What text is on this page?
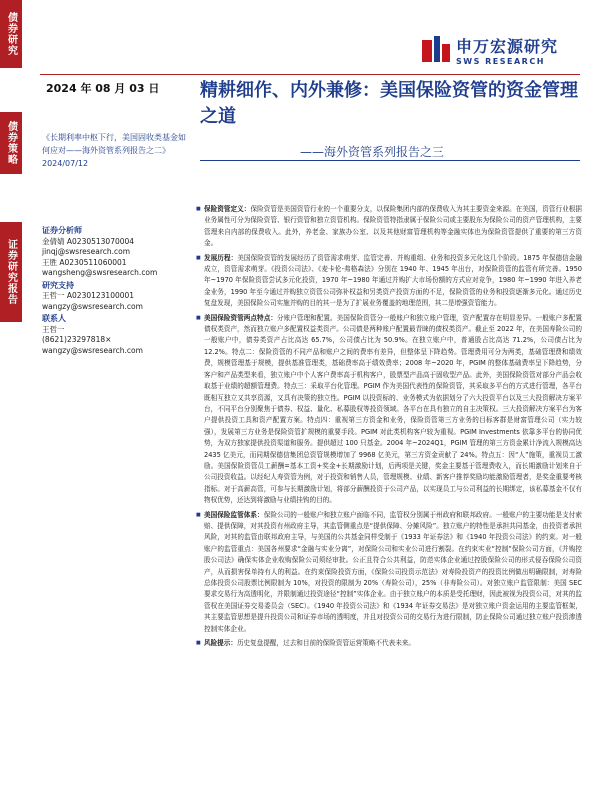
债券研究
债券策略
证券研究报告
申万宏源研究
SWS RESEARCH
2024 年 08 月 03 日 精耕细作、内外兼修：美国保险资管的资金管理之道
——海外资管系列报告之三
《长期利率中枢下行，美国固收类基金如何应对——海外资管系列报告之二》2024/07/12
证券分析师
金倩婧 A0230513070004
jinqj@swsresearch.com
王胜 A0230511060001
wangsheng@swsresearch.com
研究支持
王哲一 A0230123100001
wangzy@swsresearch.com
联系人
王哲一
(8621)23297818×
wangzy@swsresearch.com
■ 保险资管定义：保险资管是美国资管行业的一个重要分支，以保险集团内部的保费收入为其主要资金来源。在美国，资管行业根据业务属性可分为保险资管、银行资管和独立资管机构。保险资管特指隶属于保险公司或主要股东为保险公司的资产管理机构，主要管理来自内部的保费收入。此外，养老金、家族办公室、以及其他财富管理机构等金融实体也为保险资管提供了重要的第三方资金。
■ 发展历程：美国保险资管的发展经历了资管需求萌芽、监管完善、并购重组、业务和投资多元化这几个阶段。1875 年保德信金融成立，资管需求萌芽。《投资公司法》、《麦卡伦-弗格森法》分别在 1940 年、1945 年出台，对保险资管的监管有所完善。1950 年~1970 年保险资管尝试多元化投资，1970 年~1980 年通过并购扩大市场份额的方式应对竞争，1980 年~1990 年进入养老金业务，1990 年至今通过并购独立资管公司弥补权益和另类资产投资方面的不足，保险资管的业务和投资逐渐多元化。通过历史复盘发现，美国保险公司实施并购的目的其一是为了扩展业务覆盖的地理范围，其二是增强资管能力。
■ 美国保险资管两点特点：分账户管理和配置。美国保险资管分一般账户和独立账户管理，资产配置存在明显差异。一般账户多配置债权类资产，然而独立账户多配置权益类资产。公司债是两种账户配置最青睐的债权类资产。截止至 2022 年，在美国寿险公司的一般账户中，债券类资产占比高达 65.7%，公司债占比为 50.9%。在独立账户中，普通股占比高达 71.2%，公司债占比为 12.2%。特点二：保险资管的不同产品和账户之间的费率有差异，但整体呈下降趋势。管理费用可分为两类，基础管理费和绩效费，规模管理基于规模，提供基准管理类，基础费率高于绩效费率；2008 年~2020 年，PGIM 的整体基础费率呈下降趋势，分客户和产品类型来看，独立账户中个人客户费率高于机构客户，股票型产品高于固收型产品。此外，美国保险资管对部分产品会收取基于业绩的超额管理费。特点三：采取平台化管理。PGIM 作为美国代表性的保险资管，其采取多平台的方式进行管理，各平台既相互独立又共享资源，又具有决策的独立性。PGIM 以投资标的、业务模式为依据划分了六大投资平台以及三大投资解决方案平台，不同平台分别聚焦于债券、权益、量化、私募股权等投资领域。各平台在具有独立的自主决策权。三大投资解决方案平台为客户提供投资工具和资产配置方案。特点四：重视第三方资金和业务，保险资管第三方业务的目标客群是财富管理公司（实力较强），发展第三方业务是保险资管扩规模的重要手段。PGIM 对此类机构客户较为重视。PGIM Investments 依靠多平台的协同优势，为双方独家提供投资渠道和服务。提供超过 100 只基金。2004 年~2024Q1，PGIM 管理的第三方资金累计净流入规模高达 2435 亿美元，而同期保德信集团总资管规模增加了 9968 亿美元，第三方资金贡献了 24%。特点五：因“人”施策，重视员工激励。美国保险资管员工薪酬=基本工资+奖金+长期激励计划，后两项是关键，奖金主要基于管理费收入，而长期激励计划来自于公司投资收益。以经纪人寿资管为例，对于投资和销售人员，管理规模、业绩、新客户推荐奖励均能激励管理者，是奖金重要考核指标。对于高薪高管，可参与长期激励计划，将部分薪酬投资于公司产品，以实现员工与公司利益的长期绑定，该私募基金不仅有物权优势，还达到将激励与业绩挂钩的目的。
■ 美国保险监管体系：保险公司的一般账户和独立账户面临不同，监管权分别属于州政府和联邦政府。一般账户的主要功能是支付索赔、提供保障，对其投资有州政府主导，其监管侧重点是“提供保障、分摊风险”。独立账户的特性是承担共同基金，由投资者承担风险，对其的监管由联邦政府主导，与美国的公共基金同样受制于《1933 年证券法》和《1940 年投资公司法》的约束。对一般账户的监管重点：美国各州要求“金融与实业分离”，对保险公司和实业公司进行割裂。在约束实业“控制”保险公司方面，《并购控股公司法》确保实体企业收购保险公司须经审批。公正且符合公共利益，防范实体企业通过控股保险公司的形式侵吞保险公司资产，从而损害保单持有人的利益。在约束保险投资方面，《保险公司投资示范法》对寿险投资产的投资比例做出明确限制，对寿险总体投资公司股票比例限制为 10%，对投资的限制为 20%（寿险公司），25%（非寿险公司）。对独立账户监管限制：美国 SEC 要求交易行为高透明化，并限制通过投资途径“控制”实体企业。由于独立账户的本质是受托理财，因此被视为投资公司，对其的监管权在美国证券交易委员会（SEC）。《1940 年投资公司法》和《1934 年证券交易法》是对独立账户资金运用的主要监管框架，其主要监管思想是提升投资公司和证券市场的透明度，并且对投资公司的交易行为进行限制，防止保险公司通过独立账户投资渗透控制实体企业。
■ 风险提示：历史复盘提醒，过去和目前的保险资管运营策略不代表未来。
